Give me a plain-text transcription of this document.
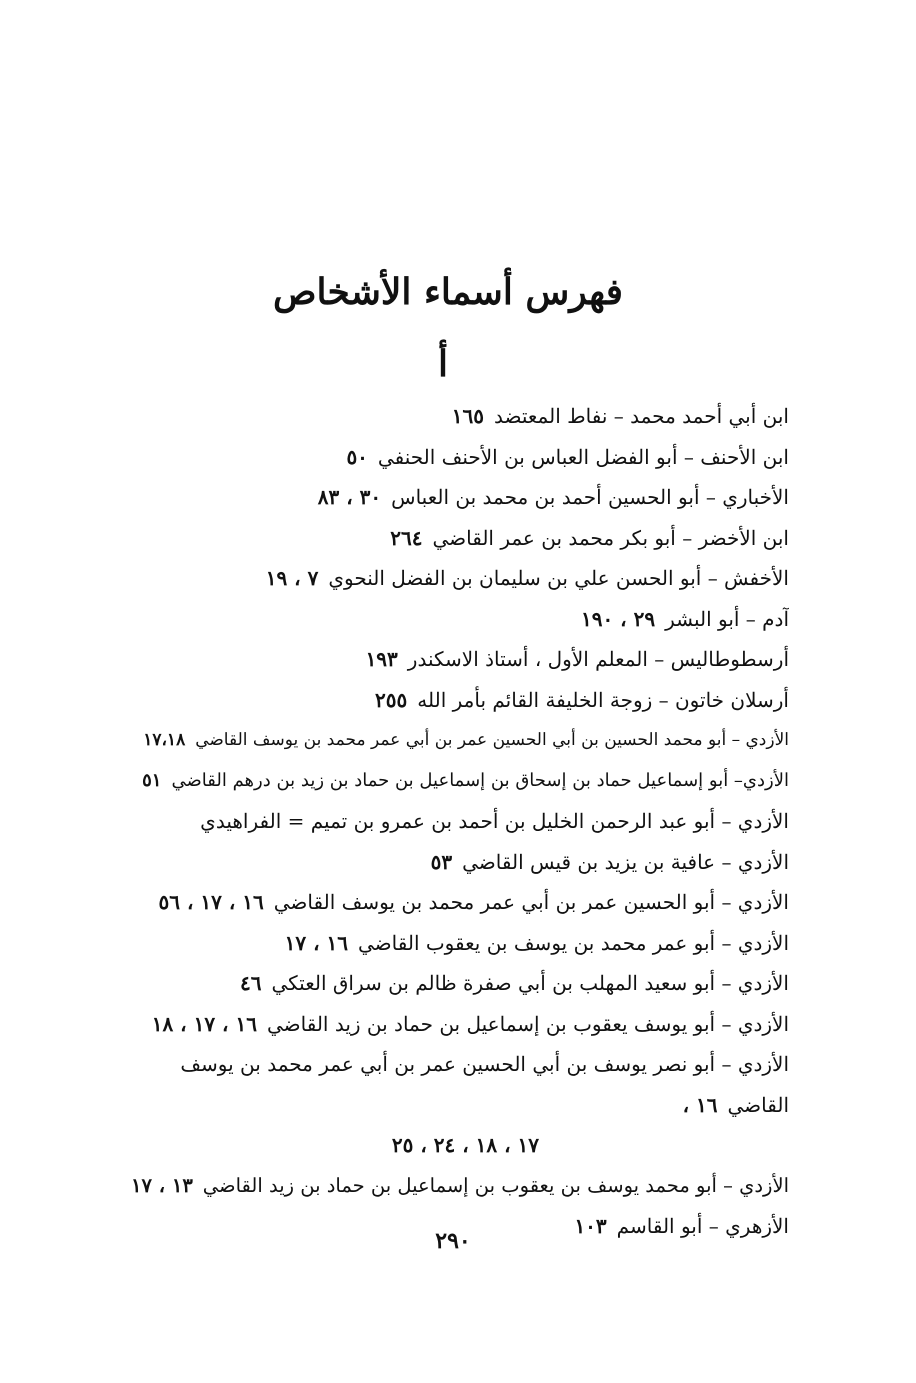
فهرس أسماء الأشخاص
أ
ابن أبي أحمد محمد – نفاط المعتضد١٦٥
ابن الأحنف – أبو الفضل العباس بن الأحنف الحنفي٥٠
الأخباري – أبو الحسين أحمد بن محمد بن العباس٣٠ ، ٨٣
ابن الأخضر – أبو بكر محمد بن عمر القاضي٢٦٤
الأخفش – أبو الحسن علي بن سليمان بن الفضل النحوي٧ ، ١٩
آدم – أبو البشر٢٩ ، ١٩٠
أرسطوطاليس – المعلم الأول ، أستاذ الاسكندر١٩٣
أرسلان خاتون – زوجة الخليفة القائم بأمر الله٢٥٥
الأزدي – أبو محمد الحسين بن أبي الحسين عمر بن أبي عمر محمد بن يوسف القاضي١٧،١٨
الأزدي– أبو إسماعيل حماد بن إسحاق بن إسماعيل بن حماد بن زيد بن درهم القاضي٥١
الأزدي – أبو عبد الرحمن الخليل بن أحمد بن عمرو بن تميم = الفراهيدي
الأزدي – عافية بن يزيد بن قيس القاضي٥٣
الأزدي – أبو الحسين عمر بن أبي عمر محمد بن يوسف القاضي١٦ ، ١٧ ، ٥٦
الأزدي – أبو عمر محمد بن يوسف بن يعقوب القاضي١٦ ، ١٧
الأزدي – أبو سعيد المهلب بن أبي صفرة ظالم بن سراق العتكي٤٦
الأزدي – أبو يوسف يعقوب بن إسماعيل بن حماد بن زيد القاضي١٦ ، ١٧ ، ١٨
الأزدي – أبو نصر يوسف بن أبي الحسين عمر بن أبي عمر محمد بن يوسف القاضي١٦ ،
١٧ ، ١٨ ، ٢٤ ، ٢٥
الأزدي – أبو محمد يوسف بن يعقوب بن إسماعيل بن حماد بن زيد القاضي١٣ ، ١٧
الأزهري – أبو القاسم١٠٣
٢٩٠
